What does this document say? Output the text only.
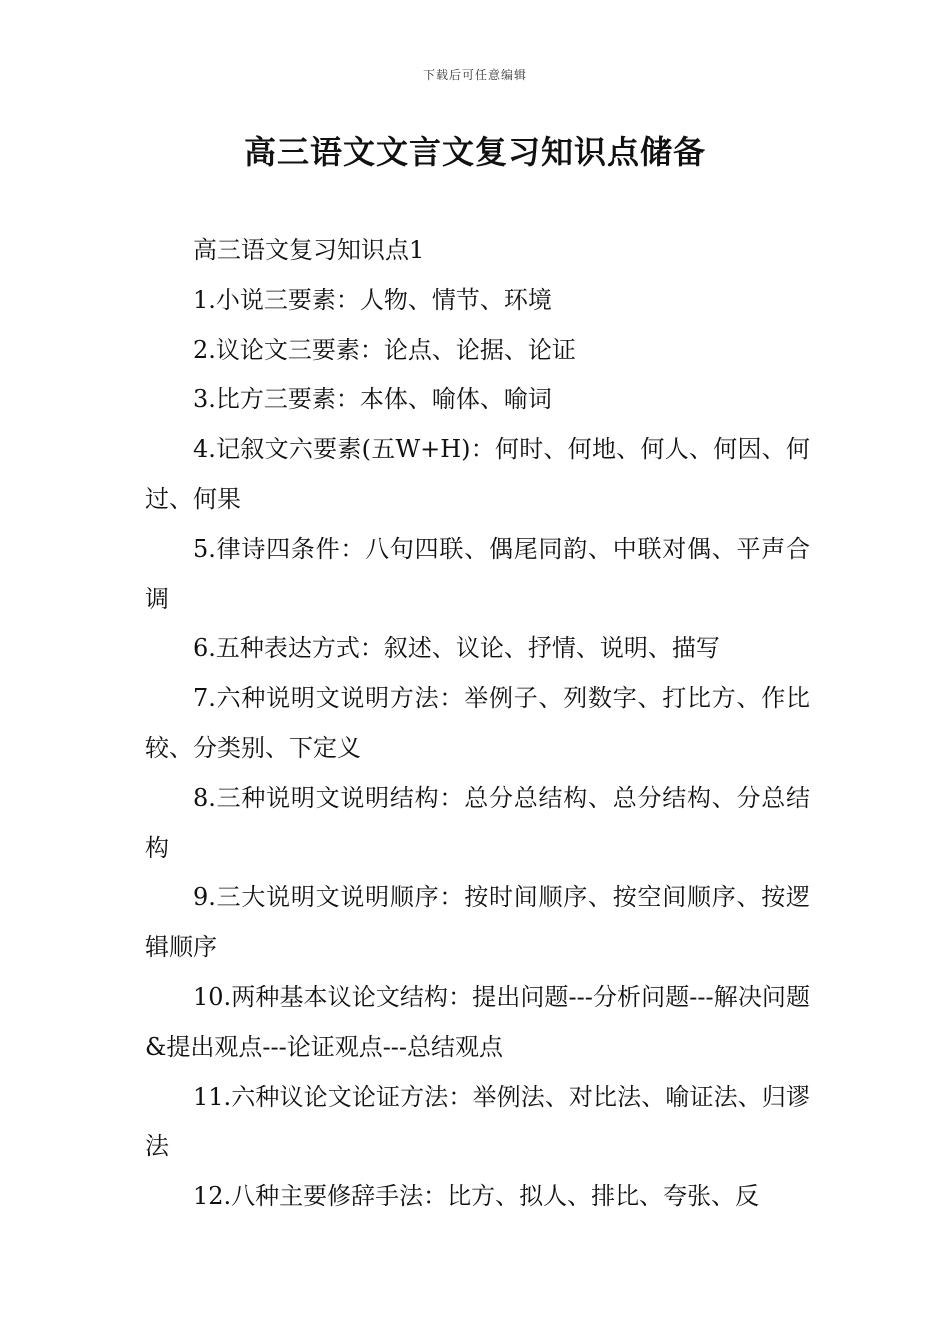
下载后可任意编辑
高三语文文言文复习知识点储备

高三语文复习知识点1

1.小说三要素：人物、情节、环境

2.议论文三要素：论点、论据、论证

3.比方三要素：本体、喻体、喻词

4.记叙文六要素(五W+H)：何时、何地、何人、何因、何过、何果

5.律诗四条件：八句四联、偶尾同韵、中联对偶、平声合调

6.五种表达方式：叙述、议论、抒情、说明、描写

7.六种说明文说明方法：举例子、列数字、打比方、作比较、分类别、下定义

8.三种说明文说明结构：总分总结构、总分结构、分总结构

9.三大说明文说明顺序：按时间顺序、按空间顺序、按逻辑顺序

10.两种基本议论文结构：提出问题---分析问题---解决问题&提出观点---论证观点---总结观点

11.六种议论文论证方法：举例法、对比法、喻证法、归谬法

12.八种主要修辞手法：比方、拟人、排比、夸张、反
